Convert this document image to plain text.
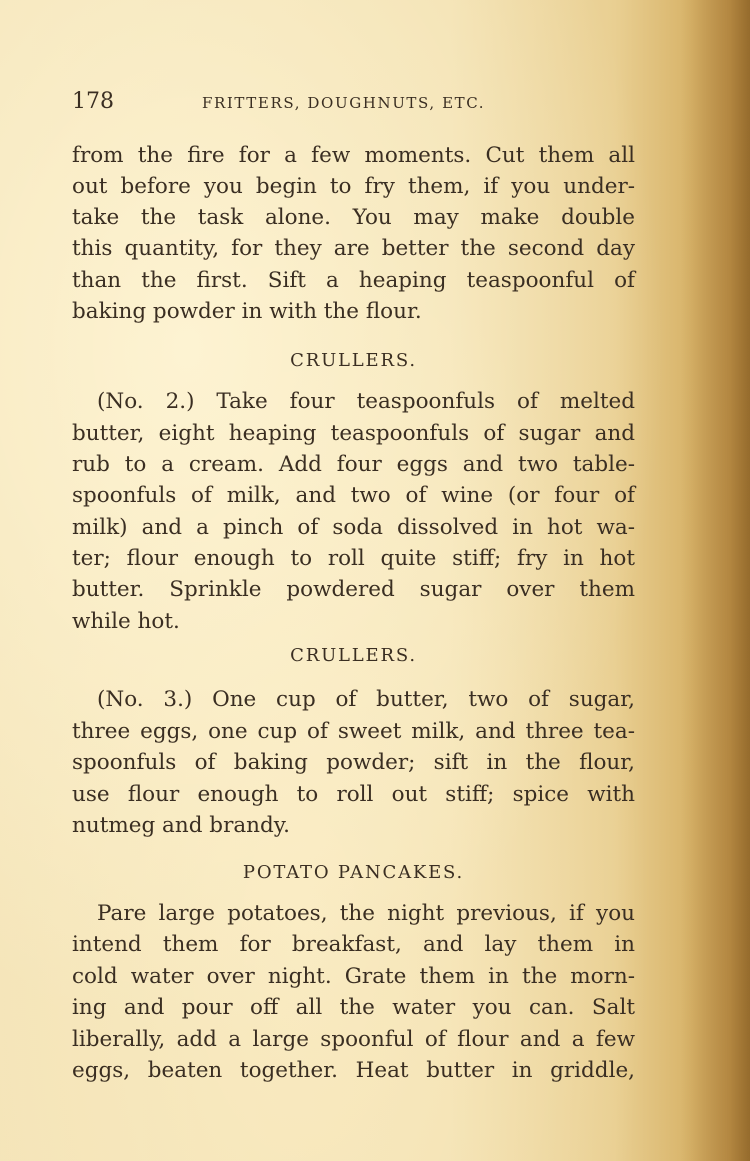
178	FRITTERS, DOUGHNUTS, ETC.
from the fire for a few moments. Cut them all
out before you begin to fry them, if you under-
take the task alone. You may make double
this quantity, for they are better the second day
than the first. Sift a heaping teaspoonful of
baking powder in with the flour.
CRULLERS.
(No. 2.) Take four teaspoonfuls of melted
butter, eight heaping teaspoonfuls of sugar and
rub to a cream. Add four eggs and two table-
spoonfuls of milk, and two of wine (or four of
milk) and a pinch of soda dissolved in hot wa-
ter; flour enough to roll quite stiff; fry in hot
butter. Sprinkle powdered sugar over them
while hot.
CRULLERS.
(No. 3.) One cup of butter, two of sugar,
three eggs, one cup of sweet milk, and three tea-
spoonfuls of baking powder; sift in the flour,
use flour enough to roll out stiff; spice with
nutmeg and brandy.
POTATO PANCAKES.
Pare large potatoes, the night previous, if you
intend them for breakfast, and lay them in
cold water over night. Grate them in the morn-
ing and pour off all the water you can. Salt
liberally, add a large spoonful of flour and a few
eggs, beaten together. Heat butter in griddle,
